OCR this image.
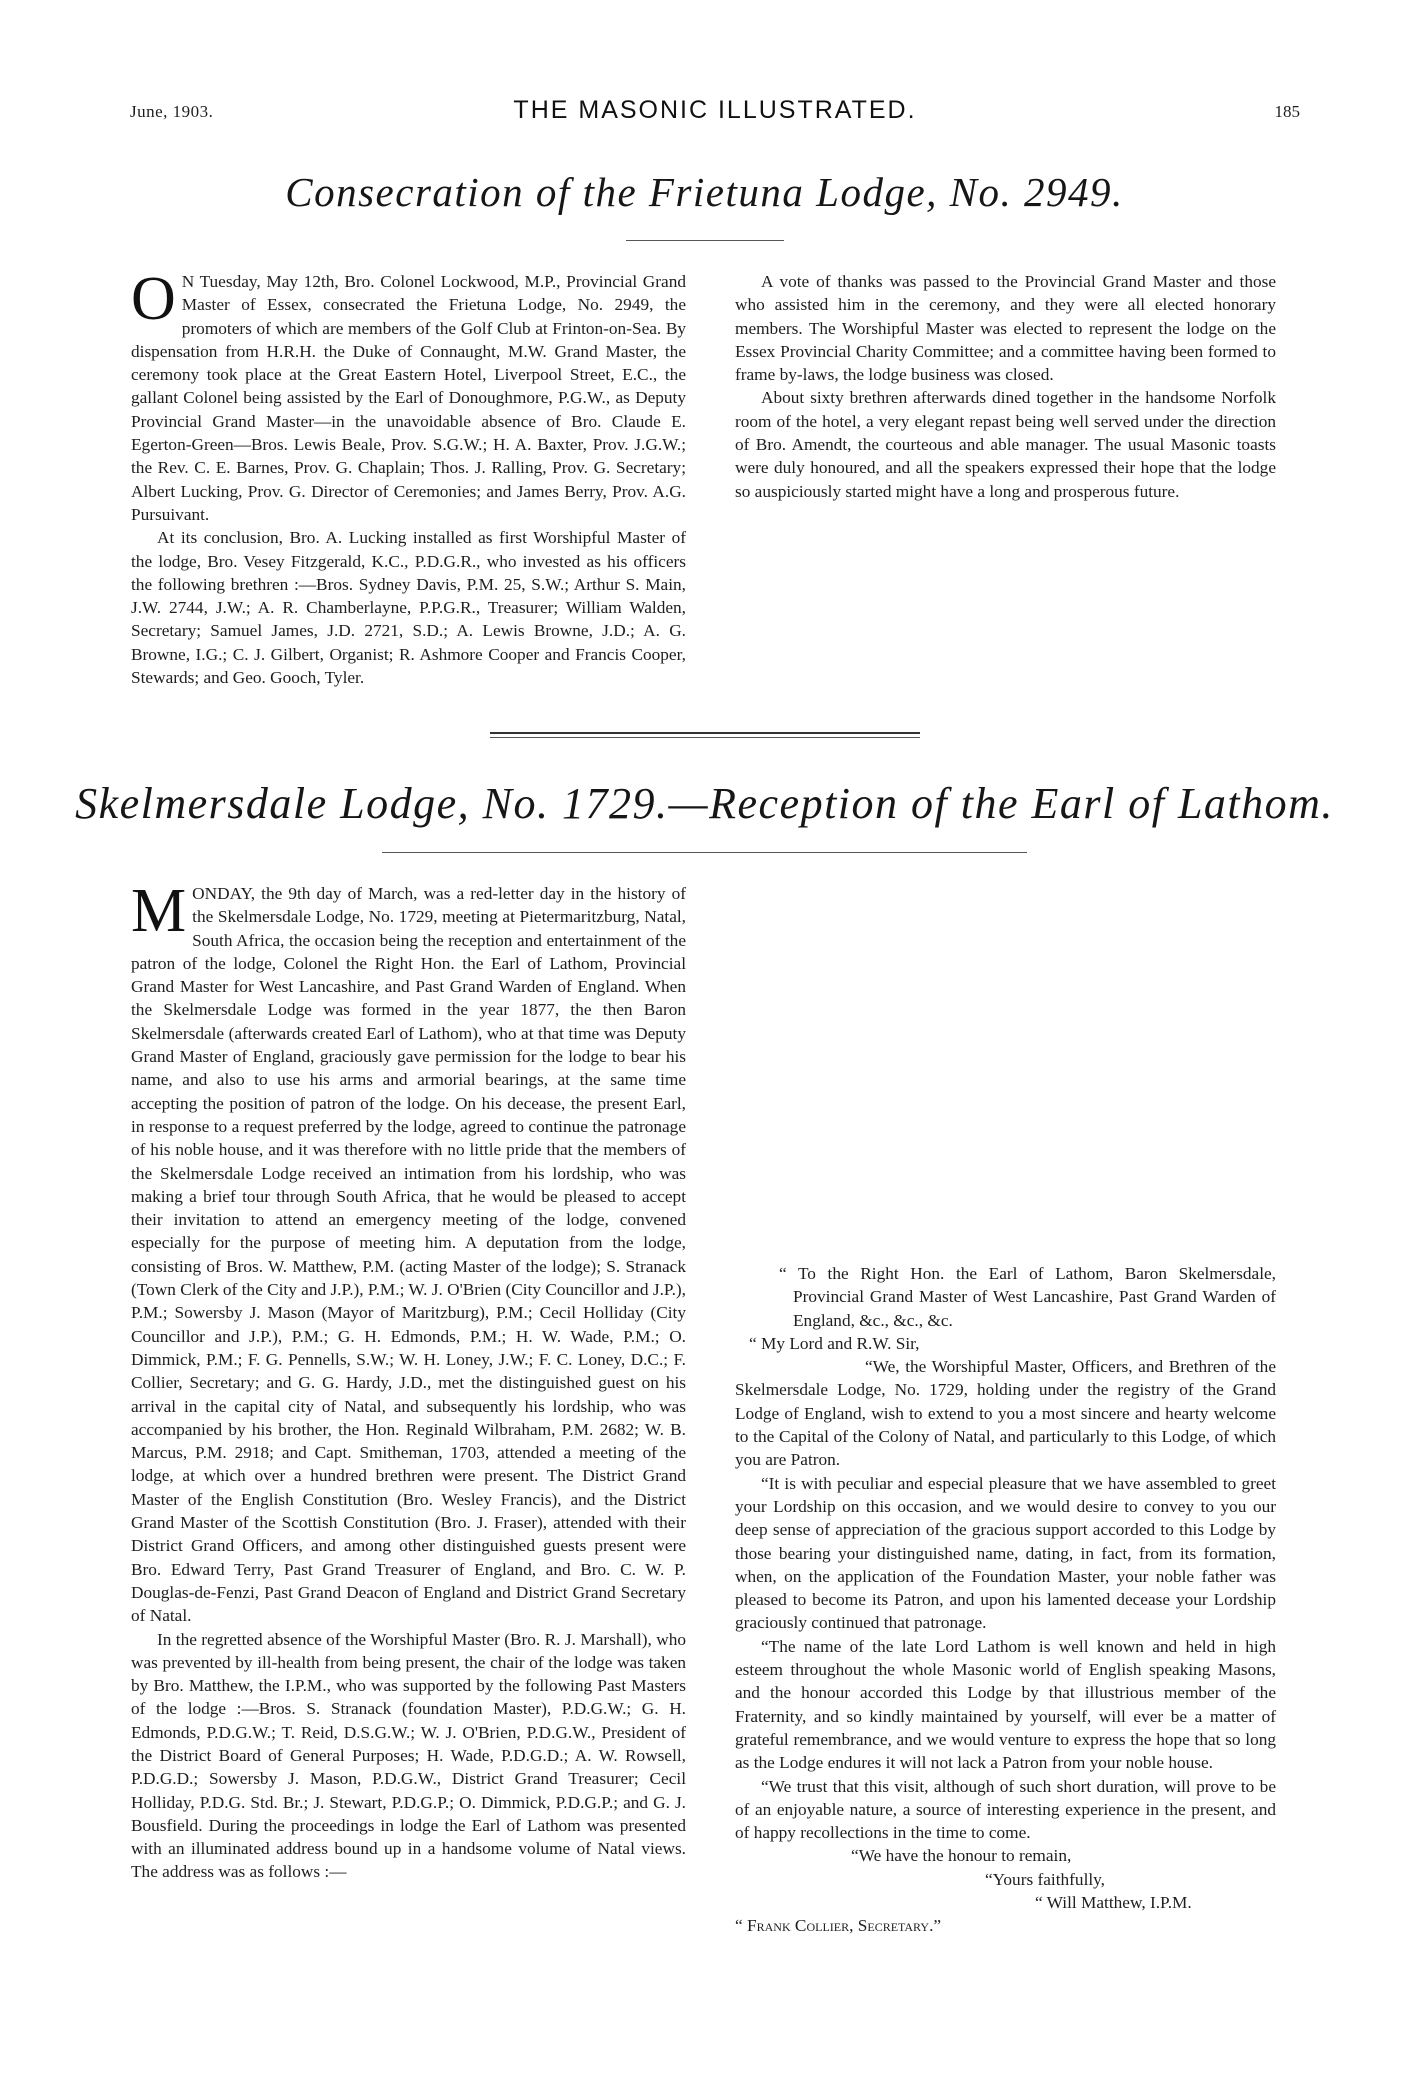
June, 1903.	THE MASONIC ILLUSTRATED.	185
Consecration of the Frietuna Lodge, No. 2949.

O N Tuesday, May 12th, Bro. Colonel Lockwood, M.P., Provincial Grand Master of Essex, consecrated the Frietuna Lodge, No. 2949, the promoters of which are members of the Golf Club at Frinton-on-Sea. By dispensation from H.R.H. the Duke of Connaught, M.W. Grand Master, the ceremony took place at the Great Eastern Hotel, Liverpool Street, E.C., the gallant Colonel being assisted by the Earl of Donoughmore, P.G.W., as Deputy Provincial Grand Master—in the unavoidable absence of Bro. Claude E. Egerton-Green—Bros. Lewis Beale, Prov. S.G.W.; H. A. Baxter, Prov. J.G.W.; the Rev. C. E. Barnes, Prov. G. Chaplain; Thos. J. Ralling, Prov. G. Secretary; Albert Lucking, Prov. G. Director of Ceremonies; and James Berry, Prov. A.G. Pursuivant.

At its conclusion, Bro. A. Lucking installed as first Worshipful Master of the lodge, Bro. Vesey Fitzgerald, K.C., P.D.G.R., who invested as his officers the following brethren :—Bros. Sydney Davis, P.M. 25, S.W.; Arthur S. Main, J.W. 2744, J.W.; A. R. Chamberlayne, P.P.G.R., Treasurer; William Walden, Secretary; Samuel James, J.D. 2721, S.D.; A. Lewis Browne, J.D.; A. G. Browne, I.G.; C. J. Gilbert, Organist; R. Ashmore Cooper and Francis Cooper, Stewards; and Geo. Gooch, Tyler.

A vote of thanks was passed to the Provincial Grand Master and those who assisted him in the ceremony, and they were all elected honorary members. The Worshipful Master was elected to represent the lodge on the Essex Provincial Charity Committee; and a committee having been formed to frame by-laws, the lodge business was closed.

About sixty brethren afterwards dined together in the handsome Norfolk room of the hotel, a very elegant repast being well served under the direction of Bro. Amendt, the courteous and able manager. The usual Masonic toasts were duly honoured, and all the speakers expressed their hope that the lodge so auspiciously started might have a long and prosperous future.

Skelmersdale Lodge, No. 1729.—Reception of the Earl of Lathom.

MONDAY, the 9th day of March, was a red-letter day in the history of the Skelmersdale Lodge, No. 1729, meeting at Pietermaritzburg, Natal, South Africa, the occasion being the reception and entertainment of the patron of the lodge, Colonel the Right Hon. the Earl of Lathom, Provincial Grand Master for West Lancashire, and Past Grand Warden of England. When the Skelmersdale Lodge was formed in the year 1877, the then Baron Skelmersdale (afterwards created Earl of Lathom), who at that time was Deputy Grand Master of England, graciously gave permission for the lodge to bear his name, and also to use his arms and armorial bearings, at the same time accepting the position of patron of the lodge. On his decease, the present Earl, in response to a request preferred by the lodge, agreed to continue the patronage of his noble house, and it was therefore with no little pride that the members of the Skelmersdale Lodge received an intimation from his lordship, who was making a brief tour through South Africa, that he would be pleased to accept their invitation to attend an emergency meeting of the lodge, convened especially for the purpose of meeting him. A deputation from the lodge, consisting of Bros. W. Matthew, P.M. (acting Master of the lodge); S. Stranack (Town Clerk of the City and J.P.), P.M.; W. J. O'Brien (City Councillor and J.P.), P.M.; Sowersby J. Mason (Mayor of Maritzburg), P.M.; Cecil Holliday (City Councillor and J.P.), P.M.; G. H. Edmonds, P.M.; H. W. Wade, P.M.; O. Dimmick, P.M.; F. G. Pennells, S.W.; W. H. Loney, J.W.; F. C. Loney, D.C.; F. Collier, Secretary; and G. G. Hardy, J.D., met the distinguished guest on his arrival in the capital city of Natal, and subsequently his lordship, who was accompanied by his brother, the Hon. Reginald Wilbraham, P.M. 2682; W. B. Marcus, P.M. 2918; and Capt. Smitheman, 1703, attended a meeting of the lodge, at which over a hundred brethren were present. The District Grand Master of the English Constitution (Bro. Wesley Francis), and the District Grand Master of the Scottish Constitution (Bro. J. Fraser), attended with their District Grand Officers, and among other distinguished guests present were Bro. Edward Terry, Past Grand Treasurer of England, and Bro. C. W. P. Douglas-de-Fenzi, Past Grand Deacon of England and District Grand Secretary of Natal.

In the regretted absence of the Worshipful Master (Bro. R. J. Marshall), who was prevented by ill-health from being present, the chair of the lodge was taken by Bro. Matthew, the I.P.M., who was supported by the following Past Masters of the lodge :—Bros. S. Stranack (foundation Master), P.D.G.W.; G. H. Edmonds, P.D.G.W.; T. Reid, D.S.G.W.; W. J. O'Brien, P.D.G.W., President of the District Board of General Purposes; H. Wade, P.D.G.D.; A. W. Rowsell, P.D.G.D.; Sowersby J. Mason, P.D.G.W., District Grand Treasurer; Cecil Holliday, P.D.G. Std. Br.; J. Stewart, P.D.G.P.; O. Dimmick, P.D.G.P.; and G. J. Bousfield. During the proceedings in lodge the Earl of Lathom was presented with an illuminated address bound up in a handsome volume of Natal views. The address was as follows :—

“ To the Right Hon. the Earl of Lathom, Baron Skelmersdale, Provincial Grand Master of West Lancashire, Past Grand Warden of England, &c., &c., &c.

“ My Lord and R.W. Sir,

“We, the Worshipful Master, Officers, and Brethren of the Skelmersdale Lodge, No. 1729, holding under the registry of the Grand Lodge of England, wish to extend to you a most sincere and hearty welcome to the Capital of the Colony of Natal, and particularly to this Lodge, of which you are Patron.

“It is with peculiar and especial pleasure that we have assembled to greet your Lordship on this occasion, and we would desire to convey to you our deep sense of appreciation of the gracious support accorded to this Lodge by those bearing your distinguished name, dating, in fact, from its formation, when, on the application of the Foundation Master, your noble father was pleased to become its Patron, and upon his lamented decease your Lordship graciously continued that patronage.

“The name of the late Lord Lathom is well known and held in high esteem throughout the whole Masonic world of English speaking Masons, and the honour accorded this Lodge by that illustrious member of the Fraternity, and so kindly maintained by yourself, will ever be a matter of grateful remembrance, and we would venture to express the hope that so long as the Lodge endures it will not lack a Patron from your noble house.

“We trust that this visit, although of such short duration, will prove to be of an enjoyable nature, a source of interesting experience in the present, and of happy recollections in the time to come.

“We have the honour to remain,

“Yours faithfully,

“ Will Matthew, I.P.M.

“ Frank Collier, Secretary.”
